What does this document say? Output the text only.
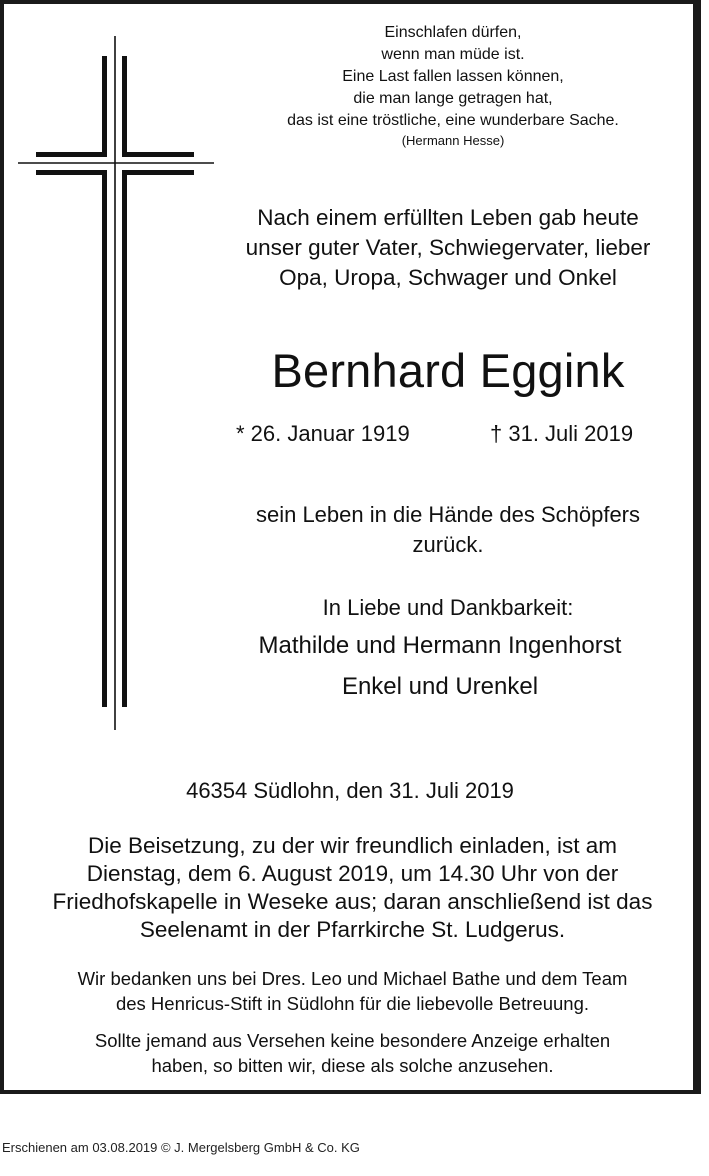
Einschlafen dürfen,
wenn man müde ist.
Eine Last fallen lassen können,
die man lange getragen hat,
das ist eine tröstliche, eine wunderbare Sache.
(Hermann Hesse)
Nach einem erfüllten Leben gab heute
unser guter Vater, Schwiegervater, lieber
Opa, Uropa, Schwager und Onkel
Bernhard Eggink
* 26. Januar 1919	† 31. Juli 2019
sein Leben in die Hände des Schöpfers
zurück.
In Liebe und Dankbarkeit:
Mathilde und Hermann Ingenhorst
Enkel und Urenkel
46354 Südlohn, den 31. Juli 2019
Die Beisetzung, zu der wir freundlich einladen, ist am
Dienstag, dem 6. August 2019, um 14.30 Uhr von der
Friedhofskapelle in Weseke aus; daran anschließend ist das
Seelenamt in der Pfarrkirche St. Ludgerus.
Wir bedanken uns bei Dres. Leo und Michael Bathe und dem Team
des Henricus-Stift in Südlohn für die liebevolle Betreuung.
Sollte jemand aus Versehen keine besondere Anzeige erhalten
haben, so bitten wir, diese als solche anzusehen.
Erschienen am 03.08.2019 © J. Mergelsberg GmbH & Co. KG
